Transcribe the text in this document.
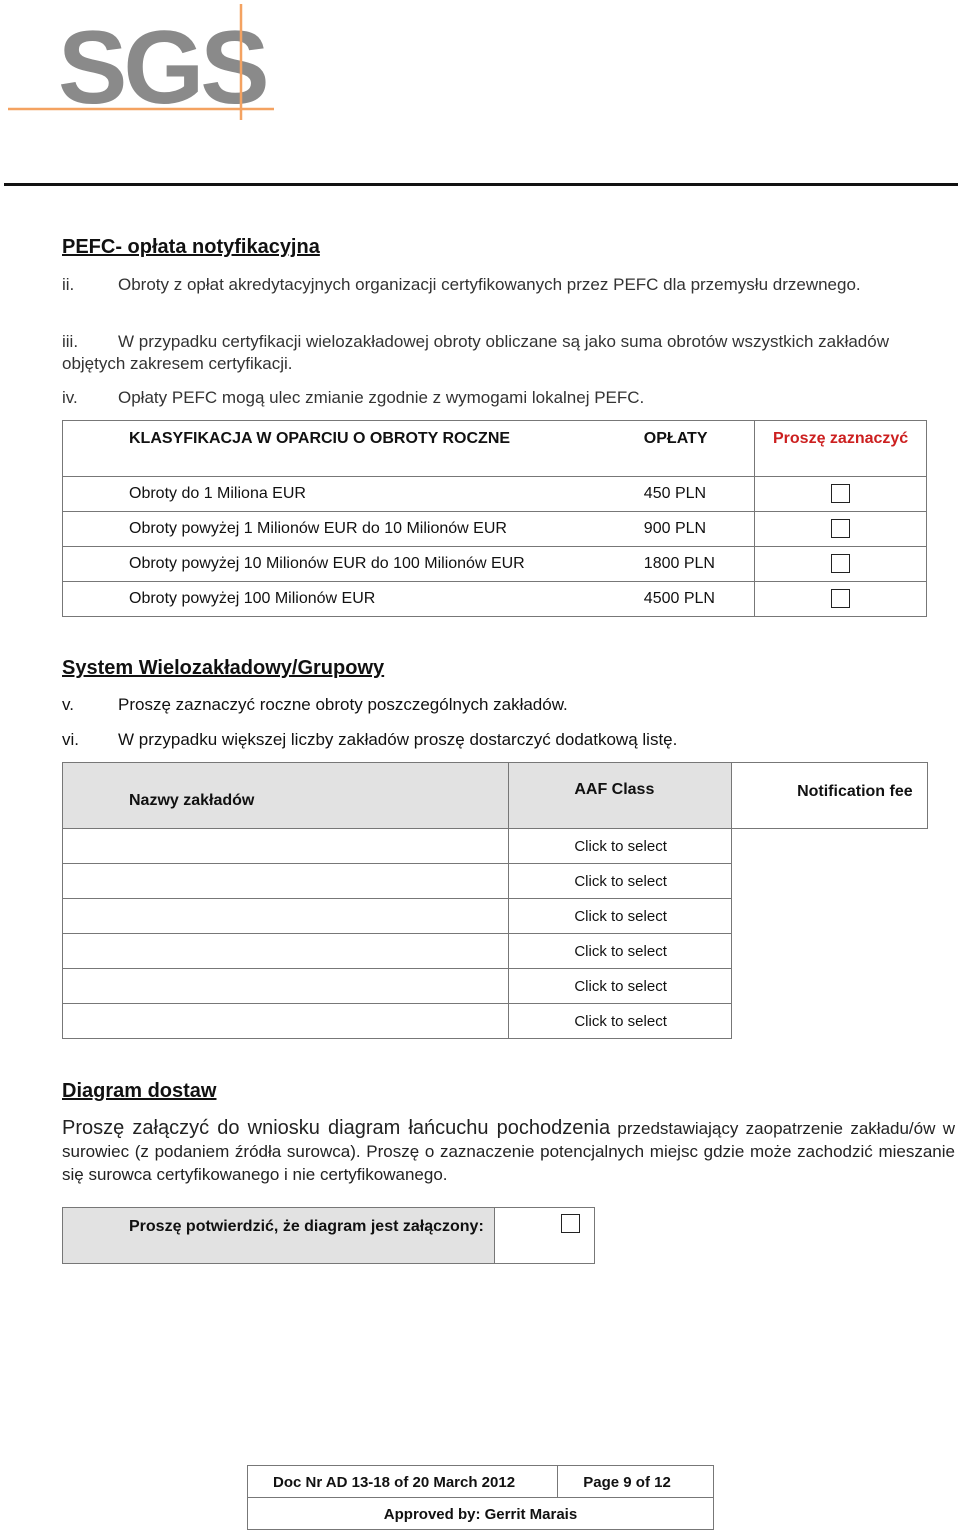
SGS
PEFC- opłata notyfikacyjna
ii.	Obroty z opłat akredytacyjnych organizacji certyfikowanych przez PEFC dla przemysłu drzewnego.
iii. W przypadku certyfikacji wielozakładowej obroty obliczane są jako suma obrotów wszystkich zakładów objętych zakresem certyfikacji.
iv. Opłaty PEFC mogą ulec zmianie zgodnie z wymogami lokalnej PEFC.
KLASYFIKACJA W OPARCIU O OBROTY ROCZNE	OPŁATY	Proszę zaznaczyć
Obroty do 1 Miliona EUR	450 PLN	
Obroty powyżej 1 Milionów EUR do 10 Milionów EUR	900 PLN	
Obroty powyżej 10 Milionów EUR do 100 Milionów EUR	1800 PLN	
Obroty powyżej 100 Milionów EUR	4500 PLN	
System Wielozakładowy/Grupowy
v.	Proszę zaznaczyć roczne obroty poszczególnych zakładów.
vi. W przypadku większej liczby zakładów proszę dostarczyć dodatkową listę.
Nazwy zakładów	AAF Class	Notification fee
	Click to select	
	Click to select	
	Click to select	
	Click to select	
	Click to select	
	Click to select	
Diagram dostaw
Proszę załączyć do wniosku diagram łańcuchu pochodzenia przedstawiający zaopatrzenie zakładu/ów w surowiec (z podaniem źródła surowca). Proszę o zaznaczenie potencjalnych miejsc gdzie może zachodzić mieszanie się surowca certyfikowanego i nie certyfikowanego.
Proszę potwierdzić, że diagram jest załączony:	
Doc Nr AD 13-18 of 20 March 2012	Page 9 of 12
Approved by: Gerrit Marais
